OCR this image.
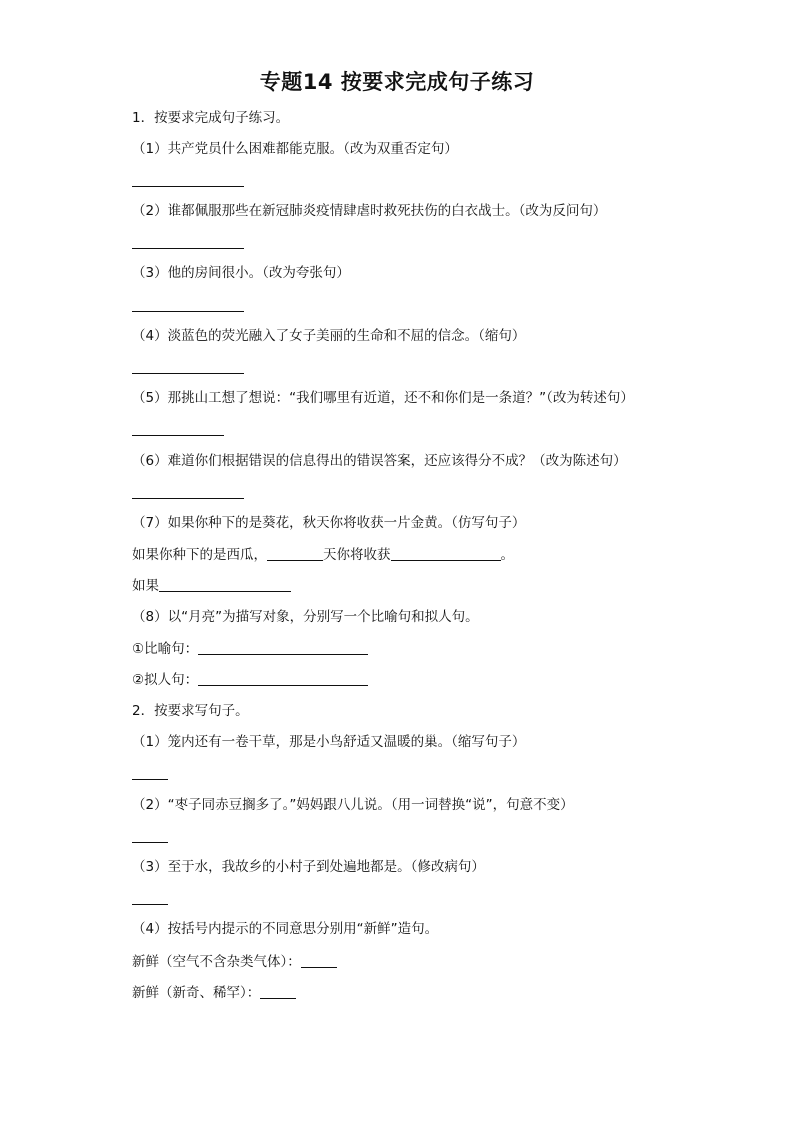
专题14 按要求完成句子练习
1．按要求完成句子练习。
（1）共产党员什么困难都能克服。（改为双重否定句）
（2）谁都佩服那些在新冠肺炎疫情肆虐时救死扶伤的白衣战士。（改为反问句）
（3）他的房间很小。（改为夸张句）
（4）淡蓝色的荧光融入了女子美丽的生命和不屈的信念。（缩句）
（5）那挑山工想了想说：“我们哪里有近道，还不和你们是一条道？”（改为转述句）
（6）难道你们根据错误的信息得出的错误答案，还应该得分不成？（改为陈述句）
（7）如果你种下的是葵花，秋天你将收获一片金黄。（仿写句子）
如果你种下的是西瓜，	天你将收获	。
如果
（8）以“月亮”为描写对象，分别写一个比喻句和拟人句。
①比喻句：
②拟人句：
2．按要求写句子。
（1）笼内还有一卷干草，那是小鸟舒适又温暖的巢。（缩写句子）
（2）“枣子同赤豆搁多了。”妈妈跟八儿说。（用一词替换“说”，句意不变）
（3）至于水，我故乡的小村子到处遍地都是。（修改病句）
（4）按括号内提示的不同意思分别用“新鲜”造句。
新鲜（空气不含杂类气体）：
新鲜（新奇、稀罕）：
